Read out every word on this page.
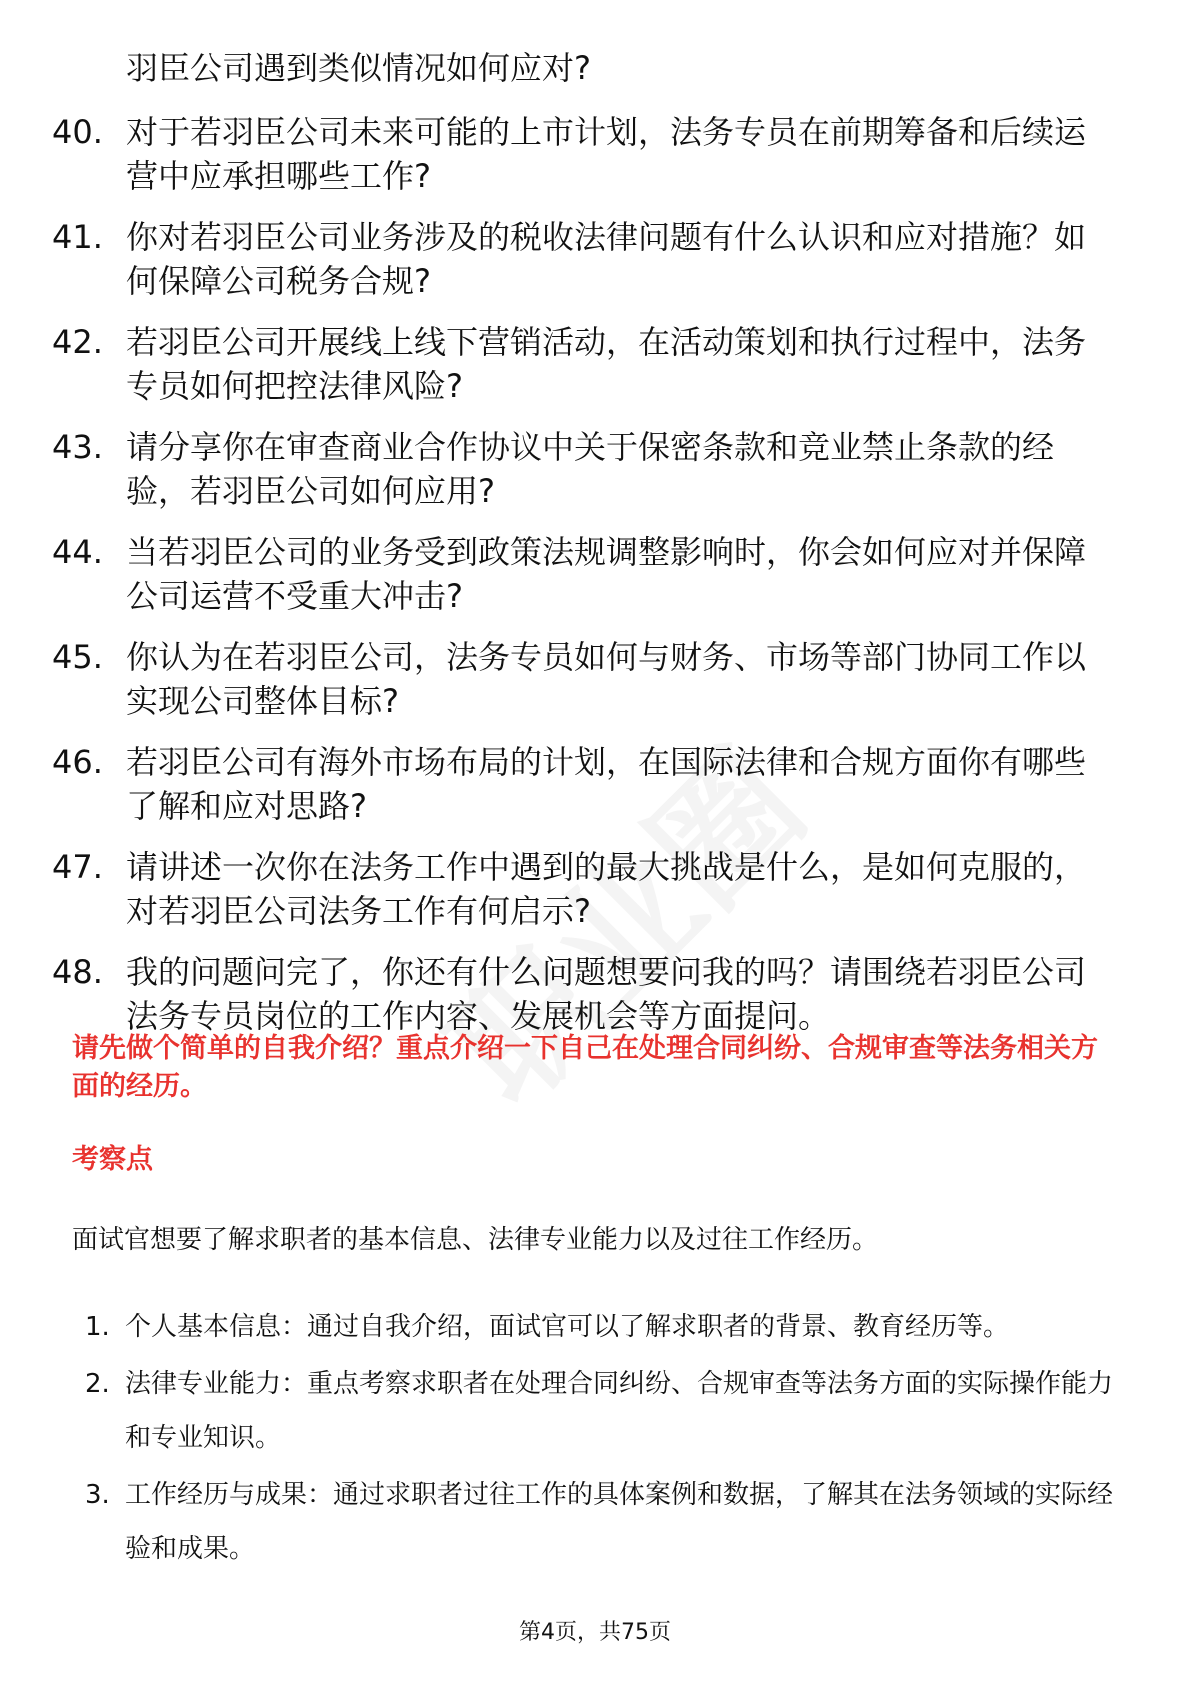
羽臣公司遇到类似情况如何应对?
40. 对于若羽臣公司未来可能的上市计划，法务专员在前期筹备和后续运营中应承担哪些工作?
41. 你对若羽臣公司业务涉及的税收法律问题有什么认识和应对措施？如何保障公司税务合规?
42. 若羽臣公司开展线上线下营销活动，在活动策划和执行过程中，法务专员如何把控法律风险?
43. 请分享你在审查商业合作协议中关于保密条款和竞业禁止条款的经验，若羽臣公司如何应用?
44. 当若羽臣公司的业务受到政策法规调整影响时，你会如何应对并保障公司运营不受重大冲击?
45. 你认为在若羽臣公司，法务专员如何与财务、市场等部门协同工作以实现公司整体目标?
46. 若羽臣公司有海外市场布局的计划，在国际法律和合规方面你有哪些了解和应对思路?
47. 请讲述一次你在法务工作中遇到的最大挑战是什么，是如何克服的，对若羽臣公司法务工作有何启示?
48. 我的问题问完了，你还有什么问题想要问我的吗？请围绕若羽臣公司法务专员岗位的工作内容、发展机会等方面提问。
请先做个简单的自我介绍？重点介绍一下自己在处理合同纠纷、合规审查等法务相关方面的经历。
考察点
面试官想要了解求职者的基本信息、法律专业能力以及过往工作经历。
1. 个人基本信息：通过自我介绍，面试官可以了解求职者的背景、教育经历等。
2. 法律专业能力：重点考察求职者在处理合同纠纷、合规审查等法务方面的实际操作能力和专业知识。
3. 工作经历与成果：通过求职者过往工作的具体案例和数据，了解其在法务领域的实际经验和成果。
第4页，共75页
